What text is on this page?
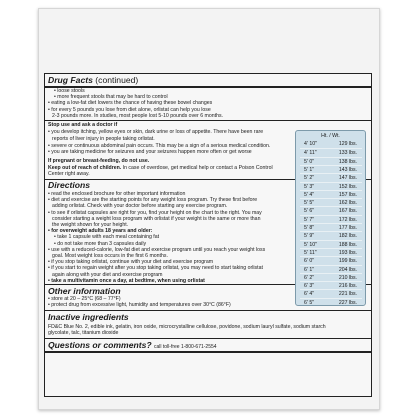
Drug Facts (continued)
• loose stools
• more frequent stools that may be hard to control
• eating a low-fat diet lowers the chance of having these bowel changes
• for every 5 pounds you lose from diet alone, orlistat can help you lose
2-3 pounds more. In studies, most people lost 5-10 pounds over 6 months.
Stop use and ask a doctor if
• you develop itching, yellow eyes or skin, dark urine or loss of appetite. There have been rare
reports of liver injury in people taking orlistat.
• severe or continuous abdominal pain occurs. This may be a sign of a serious medical condition.
• you are taking medicine for seizures and your seizures happen more often or get worse
If pregnant or breast-feeding, do not use.
Keep out of reach of children. In case of overdose, get medical help or contact a Poison Control
Center right away.
Directions
• read the enclosed brochure for other important information
• diet and exercise are the starting points for any weight loss program. Try these first before
adding orlistat. Check with your doctor before starting any exercise program.
• to see if orlistat capsules are right for you, find your height on the chart to the right. You may
consider starting a weight loss program with orlistat if your weight is the same or more than
the weight shown for your height.
• for overweight adults 18 years and older:
• take 1 capsule with each meal containing fat
• do not take more than 3 capsules daily
• use with a reduced-calorie, low-fat diet and exercise program until you reach your weight loss
goal. Most weight loss occurs in the first 6 months.
• if you stop taking orlistat, continue with your diet and exercise program
• if you start to regain weight after you stop taking orlistat, you may need to start taking orlistat
again along with your diet and exercise program
• take a multivitamin once a day, at bedtime, when using orlistat
Other information
• store at 20 – 25°C (68 – 77°F)
• protect drug from excessive light, humidity and temperatures over 30°C (86°F)
Inactive ingredients
FD&C Blue No. 2, edible ink, gelatin, iron oxide, microcrystalline cellulose, povidone, sodium lauryl sulfate, sodium starch
glycolate, talc, titanium dioxide
Questions or comments? call toll-free 1-800-671-2554
Ht. / Wt.
4' 10"	129 lbs.
4' 11"	133 lbs.
5' 0"	138 lbs.
5' 1"	143 lbs.
5' 2"	147 lbs.
5' 3"	152 lbs.
5' 4"	157 lbs.
5' 5"	162 lbs.
5' 6"	167 lbs.
5' 7"	172 lbs.
5' 8"	177 lbs.
5' 9"	182 lbs.
5' 10"	188 lbs.
5' 11"	193 lbs.
6' 0"	199 lbs.
6' 1"	204 lbs.
6' 2"	210 lbs.
6' 3"	216 lbs.
6' 4"	221 lbs.
6' 5"	227 lbs.
